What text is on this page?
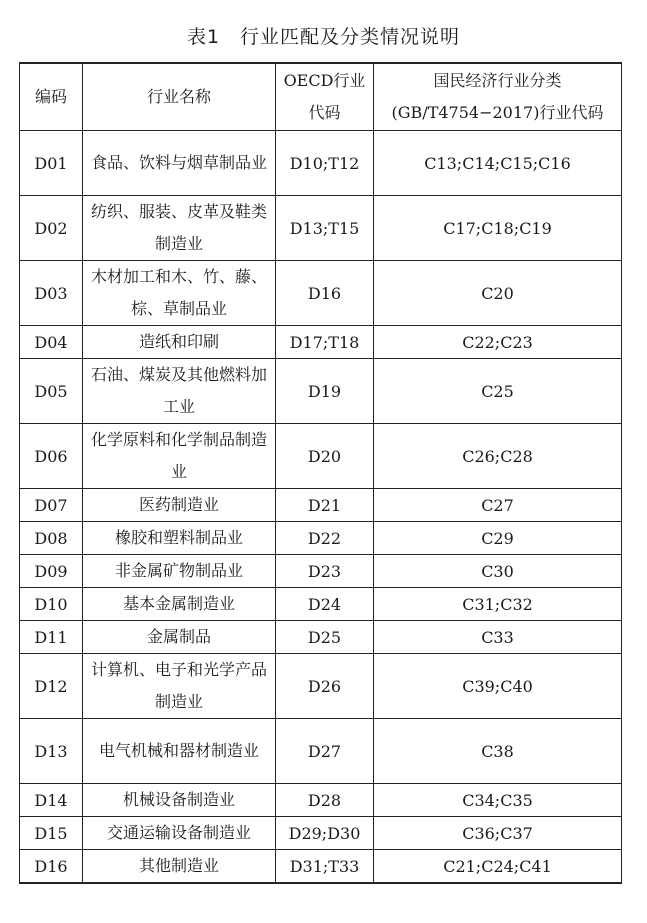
表1　行业匹配及分类情况说明
编码	行业名称	OECD行业代码	国民经济行业分类(GB/T4754−2017)行业代码
D01	食品、饮料与烟草制品业	D10;T12	C13;C14;C15;C16
D02	纺织、服装、皮革及鞋类制造业	D13;T15	C17;C18;C19
D03	木材加工和木、竹、藤、棕、草制品业	D16	C20
D04	造纸和印刷	D17;T18	C22;C23
D05	石油、煤炭及其他燃料加工业	D19	C25
D06	化学原料和化学制品制造业	D20	C26;C28
D07	医药制造业	D21	C27
D08	橡胶和塑料制品业	D22	C29
D09	非金属矿物制品业	D23	C30
D10	基本金属制造业	D24	C31;C32
D11	金属制品	D25	C33
D12	计算机、电子和光学产品制造业	D26	C39;C40
D13	电气机械和器材制造业	D27	C38
D14	机械设备制造业	D28	C34;C35
D15	交通运输设备制造业	D29;D30	C36;C37
D16	其他制造业	D31;T33	C21;C24;C41
